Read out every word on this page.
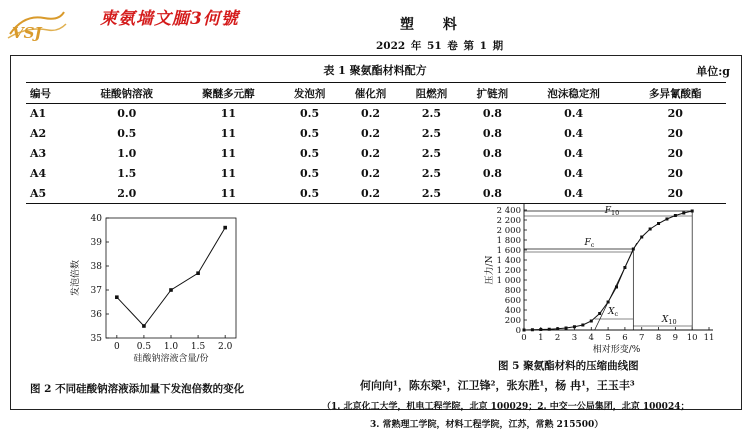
VSJ
柬氨墙文腼3何號	塑 料
2022 年 51 卷 第 1 期
表 1 聚氨酯材料配方	单位:g
编号	硅酸钠溶液	聚醚多元醇	发泡剂	催化剂	阻燃剂	扩链剂	泡沫稳定剂	多异氰酸酯
A1	0.0	11	0.5	0.2	2.5	0.8	0.4	20
A2	0.5	11	0.5	0.2	2.5	0.8	0.4	20
A3	1.0	11	0.5	0.2	2.5	0.8	0.4	20
A4	1.5	11	0.5	0.2	2.5	0.8	0.4	20
A5	2.0	11	0.5	0.2	2.5	0.8	0.4	20
35
36
37
38
39
40
0 0.5 1.0 1.5 2.0
硅酸钠溶液含量/份
发泡倍数
图 2 不同硅酸钠溶液添加量下发泡倍数的变化
0
200
400
600
800
1 000
1 200
1 400
1 600
1 800
2 000
2 200
2 400
0 1 2 3 4 5 6 7 8 9 10 11
相对形变/%
压力/N
$F_{10}$
$F_c$
$X_c$
$X_{10}$
图 5 聚氨酯材料的压缩曲线图
何向向¹，陈东梁¹，江卫锋²，张东胜¹，杨 冉¹，王玉丰³
（1. 北京化工大学，机电工程学院，北京 100029；2. 中交一公局集团，北京 100024；
3. 常熟理工学院，材料工程学院，江苏，常熟 215500）
